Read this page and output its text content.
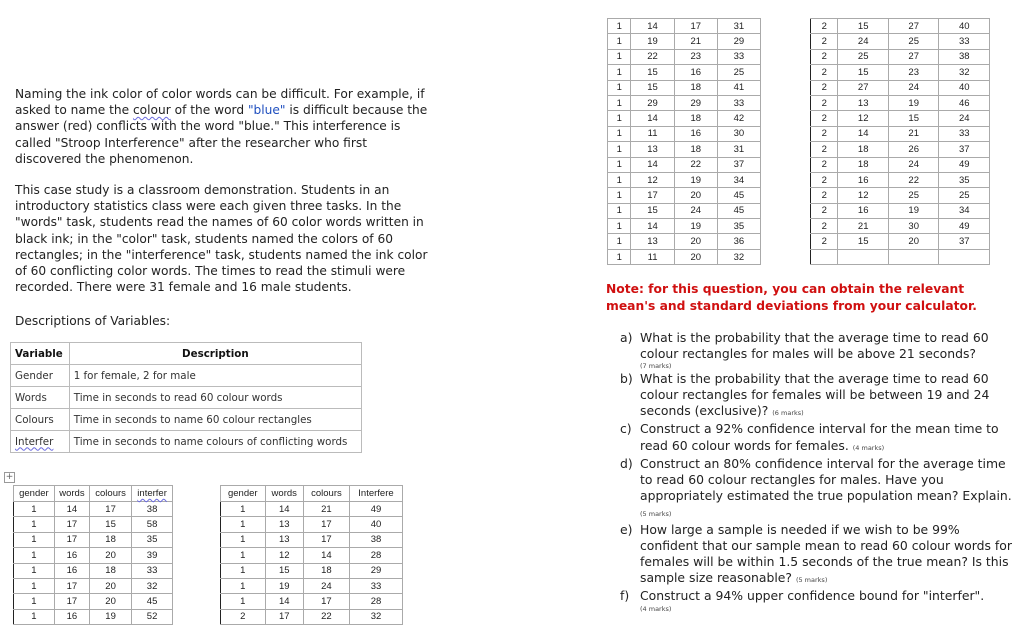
Naming the ink color of color words can be difficult. For example, if asked to name the colour of the word "blue" is difficult because the answer (red) conflicts with the word "blue." This interference is called "Stroop Interference" after the researcher who first discovered the phenomenon.
This case study is a classroom demonstration. Students in an introductory statistics class were each given three tasks. In the "words" task, students read the names of 60 color words written in black ink; in the "color" task, students named the colors of 60 rectangles; in the "interference" task, students named the ink color of 60 conflicting color words. The times to read the stimuli were recorded. There were 31 female and 16 male students.
Descriptions of Variables:
Variable	Description
Gender	1 for female, 2 for male
Words	Time in seconds to read 60 colour words
Colours	Time in seconds to name 60 colour rectangles
Interfer	Time in seconds to name colours of conflicting words
+
gender	words	colours	interfer
1	14	17	38
1	17	15	58
1	17	18	35
1	16	20	39
1	16	18	33
1	17	20	32
1	17	20	45
1	16	19	52
gender	words	colours	Interfere
1	14	21	49
1	13	17	40
1	13	17	38
1	12	14	28
1	15	18	29
1	19	24	33
1	14	17	28
2	17	22	32
1	14	17	31
1	19	21	29
1	22	23	33
1	15	16	25
1	15	18	41
1	29	29	33
1	14	18	42
1	11	16	30
1	13	18	31
1	14	22	37
1	12	19	34
1	17	20	45
1	15	24	45
1	14	19	35
1	13	20	36
1	11	20	32
2	15	27	40
2	24	25	33
2	25	27	38
2	15	23	32
2	27	24	40
2	13	19	46
2	12	15	24
2	14	21	33
2	18	26	37
2	18	24	49
2	16	22	35
2	12	25	25
2	16	19	34
2	21	30	49
2	15	20	37

Note: for this question, you can obtain the relevant mean's and standard deviations from your calculator.
a) What is the probability that the average time to read 60 colour rectangles for males will be above 21 seconds?
(7 marks)
b) What is the probability that the average time to read 60 colour rectangles for females will be between 19 and 24 seconds (exclusive)? (6 marks)
c) Construct a 92% confidence interval for the mean time to read 60 colour words for females. (4 marks)
d) Construct an 80% confidence interval for the average time to read 60 colour rectangles for males. Have you appropriately estimated the true population mean? Explain. (5 marks)
e) How large a sample is needed if we wish to be 99% confident that our sample mean to read 60 colour words for females will be within 1.5 seconds of the true mean? Is this sample size reasonable? (5 marks)
f) Construct a 94% upper confidence bound for "interfer".
(4 marks)
